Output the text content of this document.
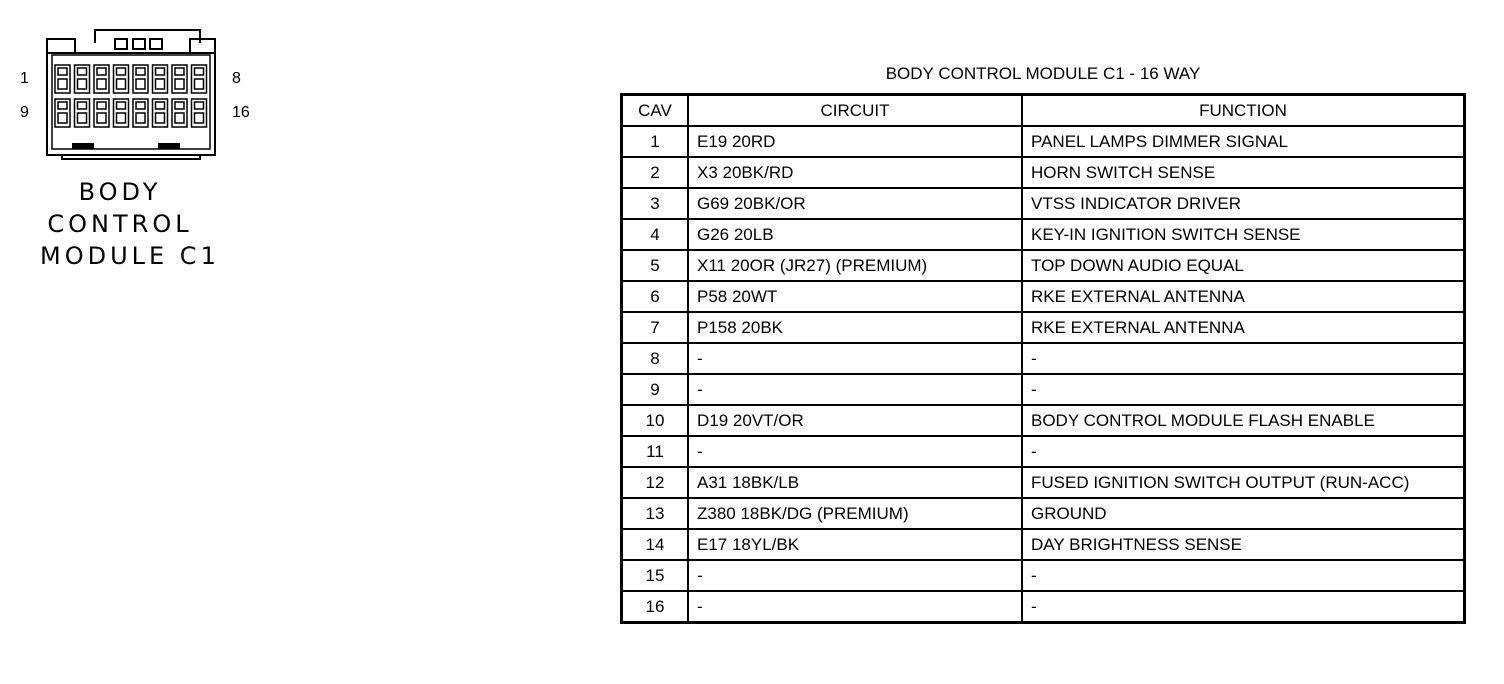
1	8
9	16
BODY
CONTROL
MODULE C1
BODY CONTROL MODULE C1 - 16 WAY
CAV	CIRCUIT	FUNCTION
1	E19 20RD	PANEL LAMPS DIMMER SIGNAL
2	X3 20BK/RD	HORN SWITCH SENSE
3	G69 20BK/OR	VTSS INDICATOR DRIVER
4	G26 20LB	KEY-IN IGNITION SWITCH SENSE
5	X11 20OR (JR27) (PREMIUM)	TOP DOWN AUDIO EQUAL
6	P58 20WT	RKE EXTERNAL ANTENNA
7	P158 20BK	RKE EXTERNAL ANTENNA
8	-	-
9	-	-
10	D19 20VT/OR	BODY CONTROL MODULE FLASH ENABLE
11	-	-
12	A31 18BK/LB	FUSED IGNITION SWITCH OUTPUT (RUN-ACC)
13	Z380 18BK/DG (PREMIUM)	GROUND
14	E17 18YL/BK	DAY BRIGHTNESS SENSE
15	-	-
16	-	-
